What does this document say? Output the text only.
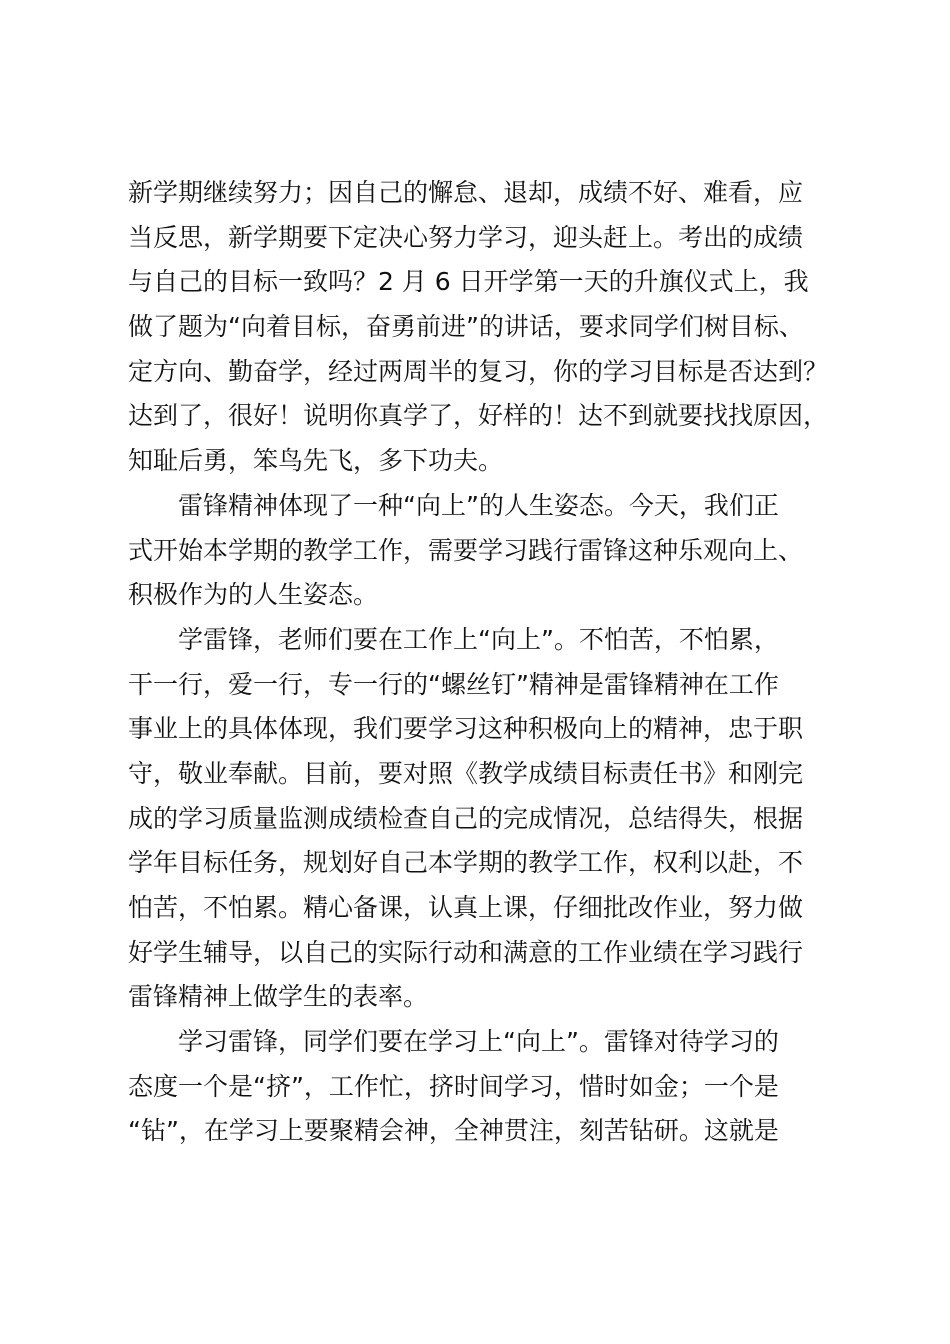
新学期继续努力；因自己的懈怠、退却，成绩不好、难看，应
当反思，新学期要下定决心努力学习，迎头赶上。考出的成绩
与自己的目标一致吗？2 月 6 日开学第一天的升旗仪式上，我
做了题为“向着目标，奋勇前进”的讲话，要求同学们树目标、
定方向、勤奋学，经过两周半的复习，你的学习目标是否达到？
达到了，很好！说明你真学了，好样的！达不到就要找找原因，
知耻后勇，笨鸟先飞，多下功夫。

雷锋精神体现了一种“向上”的人生姿态。今天，我们正
式开始本学期的教学工作，需要学习践行雷锋这种乐观向上、
积极作为的人生姿态。

学雷锋，老师们要在工作上“向上”。不怕苦，不怕累，
干一行，爱一行，专一行的“螺丝钉”精神是雷锋精神在工作
事业上的具体体现，我们要学习这种积极向上的精神，忠于职
守，敬业奉献。目前，要对照《教学成绩目标责任书》和刚完
成的学习质量监测成绩检查自己的完成情况，总结得失，根据
学年目标任务，规划好自己本学期的教学工作，权利以赴，不
怕苦，不怕累。精心备课，认真上课，仔细批改作业，努力做
好学生辅导，以自己的实际行动和满意的工作业绩在学习践行
雷锋精神上做学生的表率。

学习雷锋，同学们要在学习上“向上”。雷锋对待学习的
态度一个是“挤”，工作忙，挤时间学习，惜时如金；一个是
“钻”，在学习上要聚精会神，全神贯注，刻苦钻研。这就是
